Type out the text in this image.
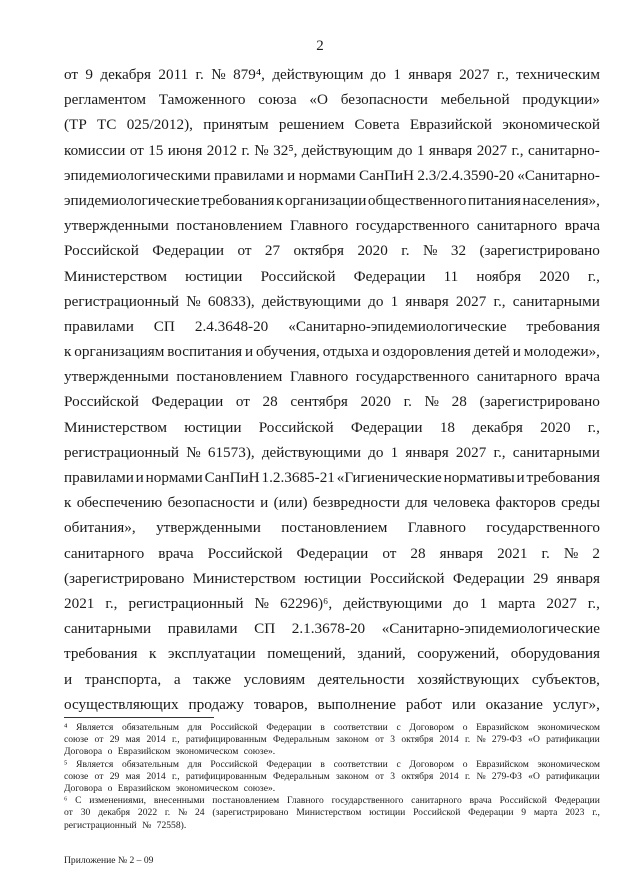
2
от 9 декабря 2011 г. № 879⁴, действующим до 1 января 2027 г., техническим
регламентом Таможенного союза «О безопасности мебельной продукции»
(ТР ТС 025/2012), принятым решением Совета Евразийской экономической
комиссии от 15 июня 2012 г. № 32⁵, действующим до 1 января 2027 г., санитарно-
эпидемиологическими правилами и нормами СанПиН 2.3/2.4.3590-20 «Санитарно-
эпидемиологические требования к организации общественного питания населения»,
утвержденными постановлением Главного государственного санитарного врача
Российской Федерации от 27 октября 2020 г. № 32 (зарегистрировано
Министерством юстиции Российской Федерации 11 ноября 2020 г.,
регистрационный № 60833), действующими до 1 января 2027 г., санитарными
правилами СП 2.4.3648-20 «Санитарно-эпидемиологические требования
к организациям воспитания и обучения, отдыха и оздоровления детей и молодежи»,
утвержденными постановлением Главного государственного санитарного врача
Российской Федерации от 28 сентября 2020 г. № 28 (зарегистрировано
Министерством юстиции Российской Федерации 18 декабря 2020 г.,
регистрационный № 61573), действующими до 1 января 2027 г., санитарными
правилами и нормами СанПиН 1.2.3685-21 «Гигиенические нормативы и требования
к обеспечению безопасности и (или) безвредности для человека факторов среды
обитания», утвержденными постановлением Главного государственного
санитарного врача Российской Федерации от 28 января 2021 г. № 2
(зарегистрировано Министерством юстиции Российской Федерации 29 января
2021 г., регистрационный № 62296)⁶, действующими до 1 марта 2027 г.,
санитарными правилами СП 2.1.3678-20 «Санитарно-эпидемиологические
требования к эксплуатации помещений, зданий, сооружений, оборудования
и транспорта, а также условиям деятельности хозяйствующих субъектов,
осуществляющих продажу товаров, выполнение работ или оказание услуг»,
⁴ Является обязательным для Российской Федерации в соответствии с Договором о Евразийском экономическом
союзе от 29 мая 2014 г., ратифицированным Федеральным законом от 3 октября 2014 г. № 279-ФЗ «О ратификации
Договора
о
Евразийском
экономическом
союзе».
⁵ Является обязательным для Российской Федерации в соответствии с Договором о Евразийском экономическом
союзе от 29 мая 2014 г., ратифицированным Федеральным законом от 3 октября 2014 г. № 279-ФЗ «О ратификации
Договора
о
Евразийском
экономическом
союзе».
⁶ С изменениями, внесенными постановлением Главного государственного санитарного врача Российской Федерации
от 30 декабря 2022 г. № 24 (зарегистрировано Министерством юстиции Российской Федерации 9 марта 2023 г.,
регистрационный
№
72558).
Приложение № 2 – 09
